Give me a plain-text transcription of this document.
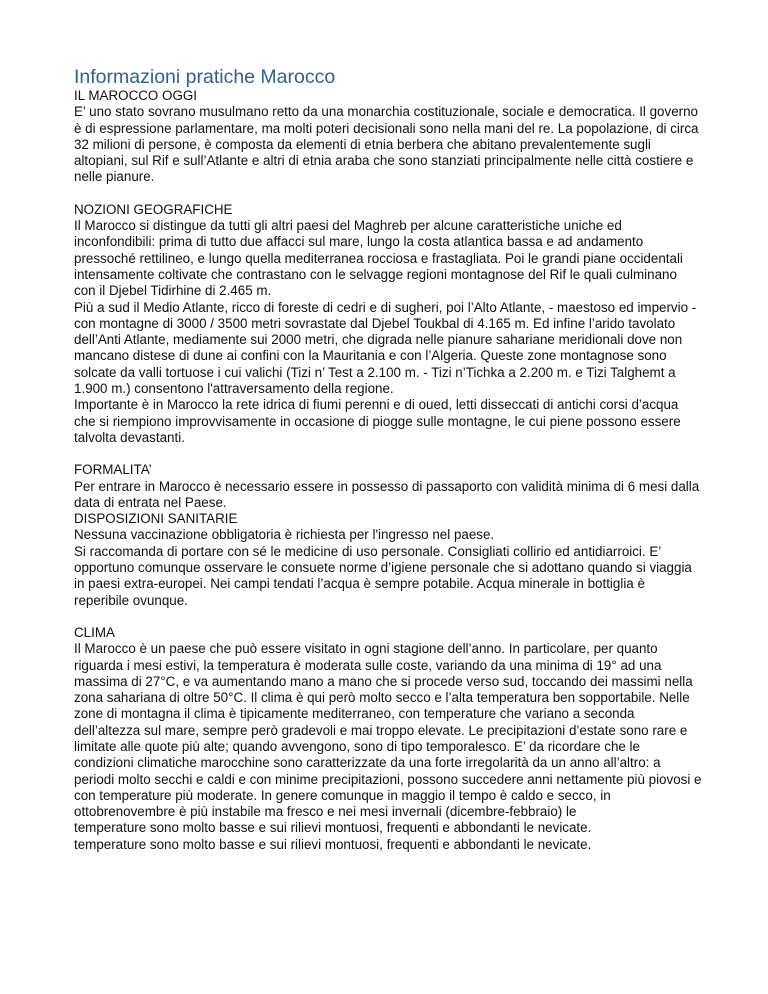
Informazioni pratiche Marocco

IL MAROCCO OGGI

E’ uno stato sovrano musulmano retto da una monarchia costituzionale, sociale e democratica. Il governo è di espressione parlamentare, ma molti poteri decisionali sono nella mani del re. La popolazione, di circa 32 milioni di persone, è composta da elementi di etnia berbera che abitano prevalentemente sugli altopiani, sul Rif e sull’Atlante e altri di etnia araba che sono stanziati principalmente nelle città costiere e nelle pianure.

NOZIONI GEOGRAFICHE

Il Marocco si distingue da tutti gli altri paesi del Maghreb per alcune caratteristiche uniche ed inconfondibili: prima di tutto due affacci sul mare, lungo la costa atlantica bassa e ad andamento pressoché rettilineo, e lungo quella mediterranea rocciosa e frastagliata. Poi le grandi piane occidentali intensamente coltivate che contrastano con le selvagge regioni montagnose del Rif le quali culminano con il Djebel Tidirhine di 2.465 m.

Più a sud il Medio Atlante, ricco di foreste di cedri e di sugheri, poi l’Alto Atlante, - maestoso ed impervio - con montagne di 3000 / 3500 metri sovrastate dal Djebel Toukbal di 4.165 m. Ed infine l’arido tavolato dell’Anti Atlante, mediamente sui 2000 metri, che digrada nelle pianure sahariane meridionali dove non mancano distese di dune ai confini con la Mauritania e con l’Algeria. Queste zone montagnose sono solcate da valli tortuose i cui valichi (Tizi n’ Test a 2.100 m. - Tizi n’Tichka a 2.200 m. e Tizi Talghemt a 1.900 m.) consentono l'attraversamento della regione.

Importante è in Marocco la rete idrica di fiumi perenni e di oued, letti disseccati di antichi corsi d’acqua che si riempiono improvvisamente in occasione di piogge sulle montagne, le cui piene possono essere talvolta devastanti.

FORMALITA’

Per entrare in Marocco è necessario essere in possesso di passaporto con validità minima di 6 mesi dalla data di entrata nel Paese.

DISPOSIZIONI SANITARIE

Nessuna vaccinazione obbligatoria è richiesta per l'ingresso nel paese.

Si raccomanda di portare con sé le medicine di uso personale. Consigliati collirio ed antidiarroici. E’ opportuno comunque osservare le consuete norme d’igiene personale che si adottano quando si viaggia in paesi extra-europei. Nei campi tendati l’acqua è sempre potabile. Acqua minerale in bottiglia è reperibile ovunque.

CLIMA

Il Marocco è un paese che può essere visitato in ogni stagione dell’anno. In particolare, per quanto riguarda i mesi estivi, la temperatura è moderata sulle coste, variando da una minima di 19° ad una massima di 27°C, e va aumentando mano a mano che si procede verso sud, toccando dei massimi nella zona sahariana di oltre 50°C. Il clima è qui però molto secco e l’alta temperatura ben sopportabile. Nelle zone di montagna il clima è tipicamente mediterraneo, con temperature che variano a seconda dell’altezza sul mare, sempre però gradevoli e mai troppo elevate. Le precipitazioni d’estate sono rare e limitate alle quote più alte; quando avvengono, sono di tipo temporalesco. E’ da ricordare che le condizioni climatiche marocchine sono caratterizzate da una forte irregolarità da un anno all’altro: a periodi molto secchi e caldi e con minime precipitazioni, possono succedere anni nettamente più piovosi e con temperature più moderate. In genere comunque in maggio il tempo è caldo e secco, in ottobrenovembre è più instabile ma fresco e nei mesi invernali (dicembre-febbraio) le

temperature sono molto basse e sui rilievi montuosi, frequenti e abbondanti le nevicate.

temperature sono molto basse e sui rilievi montuosi, frequenti e abbondanti le nevicate.
